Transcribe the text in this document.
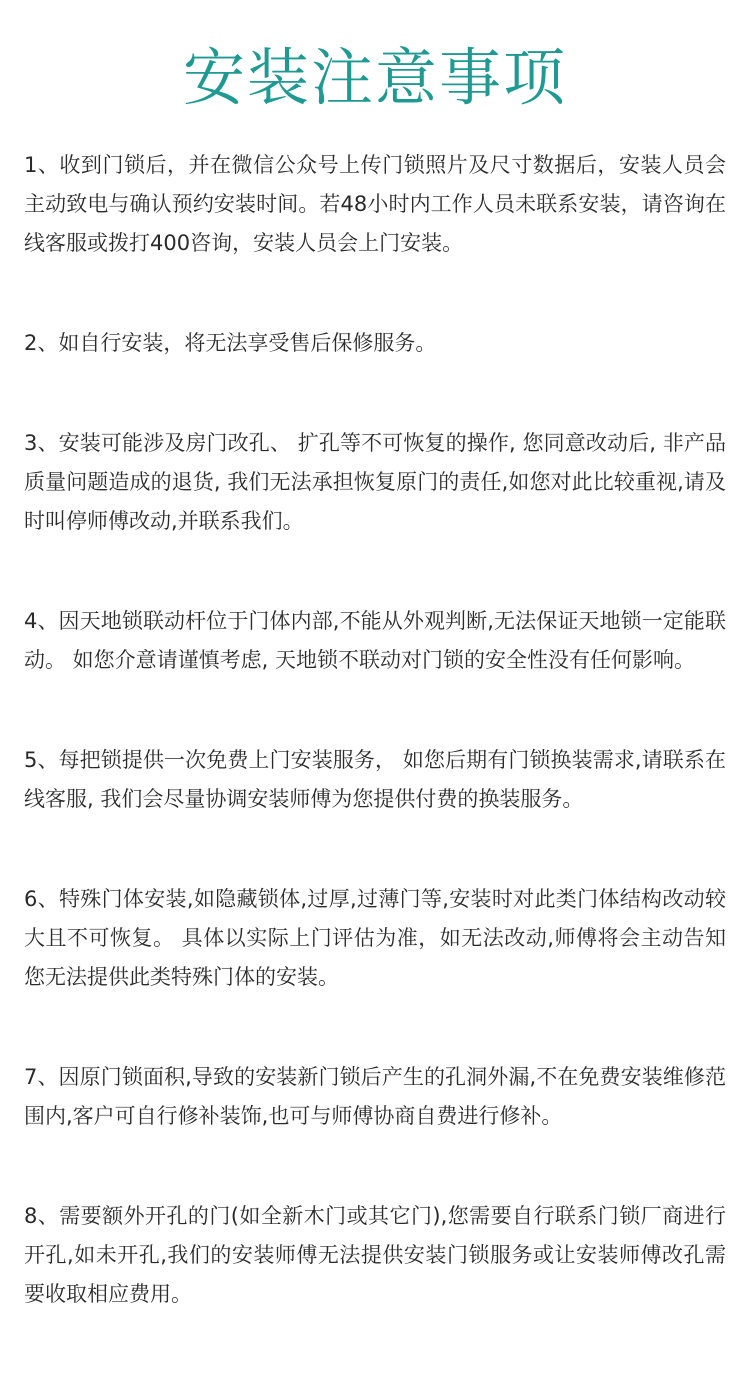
安装注意事项
1、收到门锁后，并在微信公众号上传门锁照片及尺寸数据后，安装人员会主动致电与确认预约安装时间。若48小时内工作人员未联系安装，请咨询在线客服或拨打400咨询，安装人员会上门安装。
2、如自行安装，将无法享受售后保修服务。
3、安装可能涉及房门改孔、 扩孔等不可恢复的操作, 您同意改动后, 非产品质量问题造成的退货, 我们无法承担恢复原门的责任,如您对此比较重视,请及时叫停师傅改动,并联系我们。
4、因天地锁联动杆位于门体内部,不能从外观判断,无法保证天地锁一定能联动。 如您介意请谨慎考虑, 天地锁不联动对门锁的安全性没有任何影响。
5、每把锁提供一次免费上门安装服务， 如您后期有门锁换装需求,请联系在线客服, 我们会尽量协调安装师傅为您提供付费的换装服务。
6、特殊门体安装,如隐藏锁体,过厚,过薄门等,安装时对此类门体结构改动较大且不可恢复。 具体以实际上门评估为准，如无法改动,师傅将会主动告知您无法提供此类特殊门体的安装。
7、因原门锁面积,导致的安装新门锁后产生的孔洞外漏,不在免费安装维修范围内,客户可自行修补装饰,也可与师傅协商自费进行修补。
8、需要额外开孔的门(如全新木门或其它门),您需要自行联系门锁厂商进行开孔,如未开孔,我们的安装师傅无法提供安装门锁服务或让安装师傅改孔需要收取相应费用。
